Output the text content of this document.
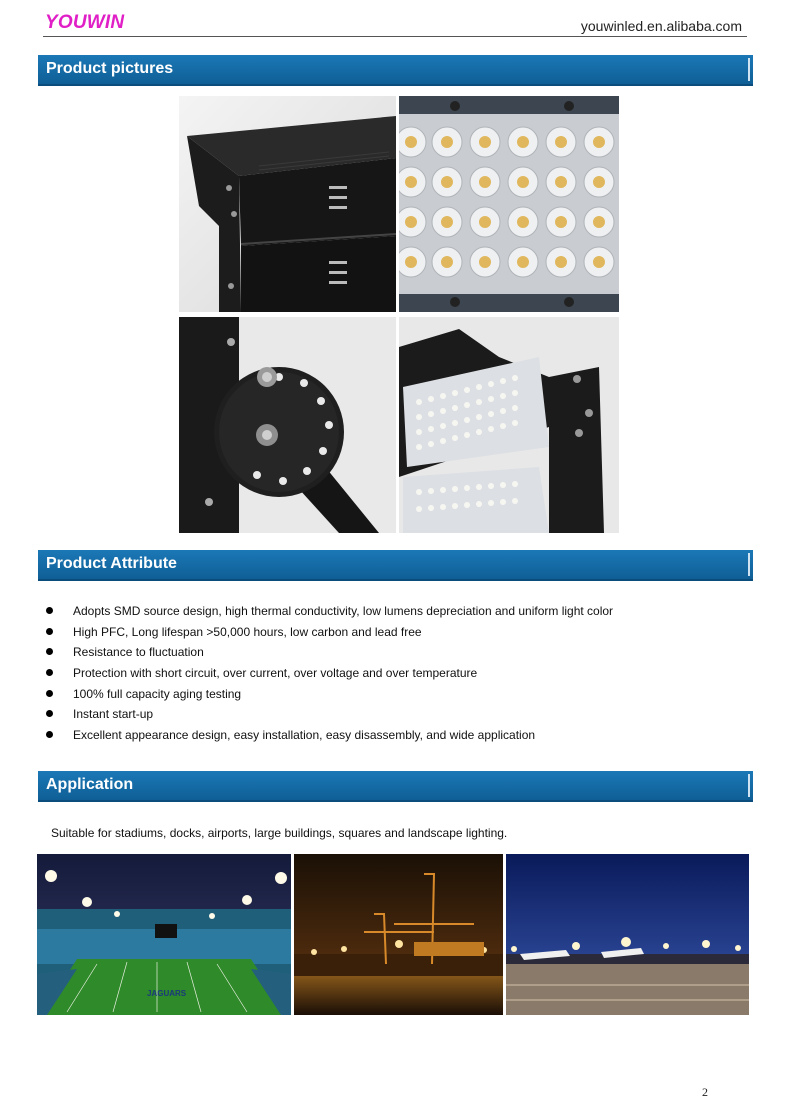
YOUWIN	youwinled.en.alibaba.com
Product pictures
Product Attribute
Adopts SMD source design, high thermal conductivity, low lumens depreciation and uniform light color
High PFC, Long lifespan >50,000 hours, low carbon and lead free
Resistance to fluctuation
Protection with short circuit, over current, over voltage and over temperature
100% full capacity aging testing
Instant start-up
Excellent appearance design, easy installation, easy disassembly, and wide application
Application
Suitable for stadiums, docks, airports, large buildings, squares and landscape lighting.
JAGUARS
2
